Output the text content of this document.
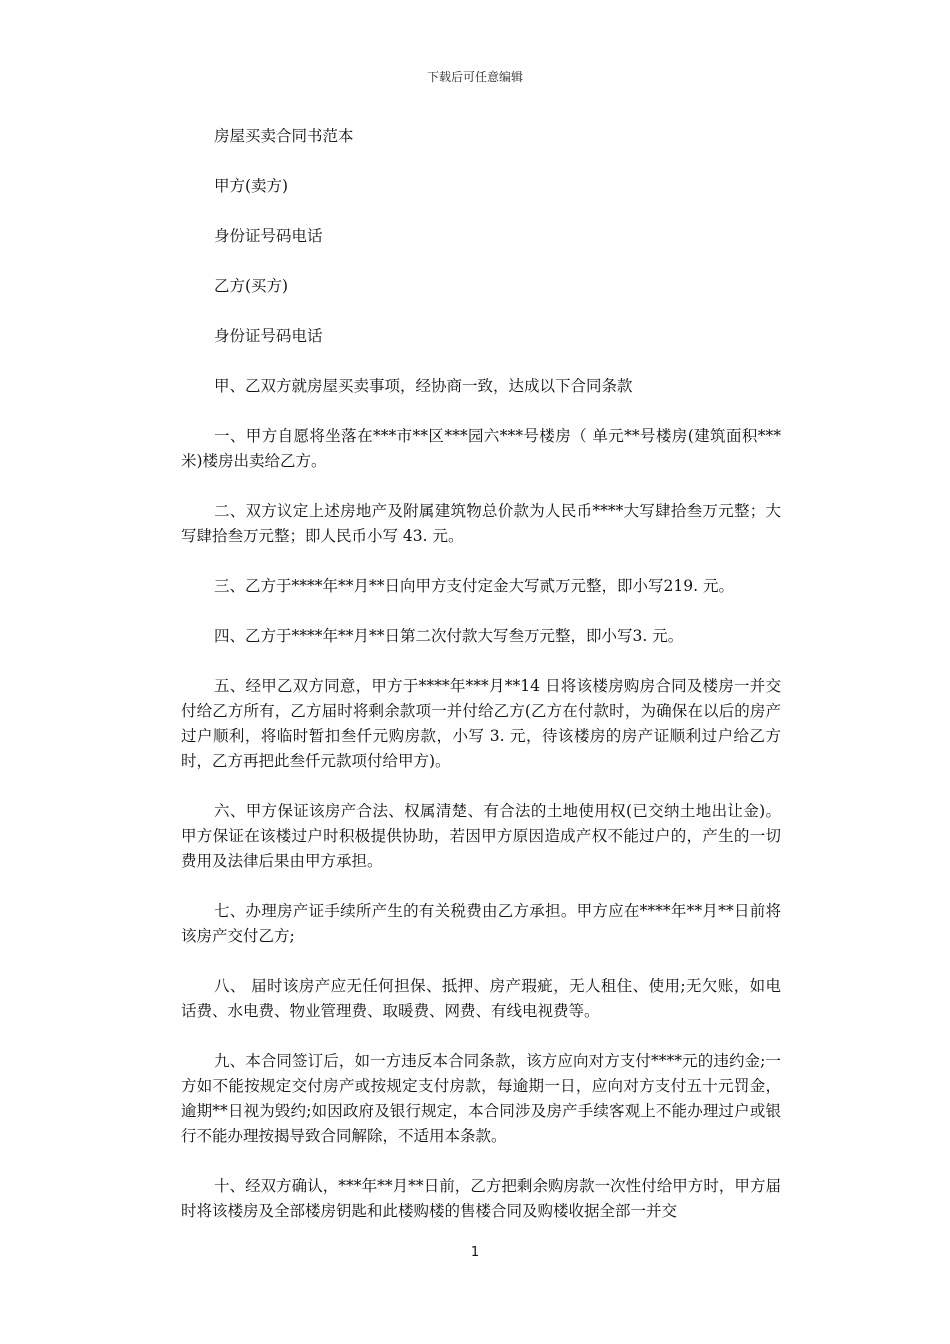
下载后可任意编辑

房屋买卖合同书范本

甲方(卖方)

身份证号码电话

乙方(买方)

身份证号码电话

甲、乙双方就房屋买卖事项，经协商一致，达成以下合同条款

一、甲方自愿将坐落在***市**区***园六***号楼房（ 单元**号楼房(建筑面积***米)楼房出卖给乙方。

二、双方议定上述房地产及附属建筑物总价款为人民币****大写肆拾叁万元整；大写肆拾叁万元整；即人民币小写 43. 元。

三、乙方于****年**月**日向甲方支付定金大写贰万元整，即小写219. 元。

四、乙方于****年**月**日第二次付款大写叁万元整，即小写3. 元。

五、经甲乙双方同意，甲方于****年***月**14 日将该楼房购房合同及楼房一并交付给乙方所有，乙方届时将剩余款项一并付给乙方(乙方在付款时，为确保在以后的房产过户顺利，将临时暂扣叁仟元购房款，小写 3. 元，待该楼房的房产证顺利过户给乙方时，乙方再把此叁仟元款项付给甲方)。

六、甲方保证该房产合法、权属清楚、有合法的土地使用权(已交纳土地出让金)。甲方保证在该楼过户时积极提供协助，若因甲方原因造成产权不能过户的，产生的一切费用及法律后果由甲方承担。

七、办理房产证手续所产生的有关税费由乙方承担。甲方应在****年**月**日前将该房产交付乙方;

八、 届时该房产应无任何担保、抵押、房产瑕疵，无人租住、使用;无欠账，如电话费、水电费、物业管理费、取暖费、网费、有线电视费等。

九、本合同签订后，如一方违反本合同条款，该方应向对方支付****元的违约金;一方如不能按规定交付房产或按规定支付房款，每逾期一日，应向对方支付五十元罚金，逾期**日视为毁约;如因政府及银行规定，本合同涉及房产手续客观上不能办理过户或银行不能办理按揭导致合同解除，不适用本条款。

十、经双方确认，***年**月**日前，乙方把剩余购房款一次性付给甲方时，甲方届时将该楼房及全部楼房钥匙和此楼购楼的售楼合同及购楼收据全部一并交

1
